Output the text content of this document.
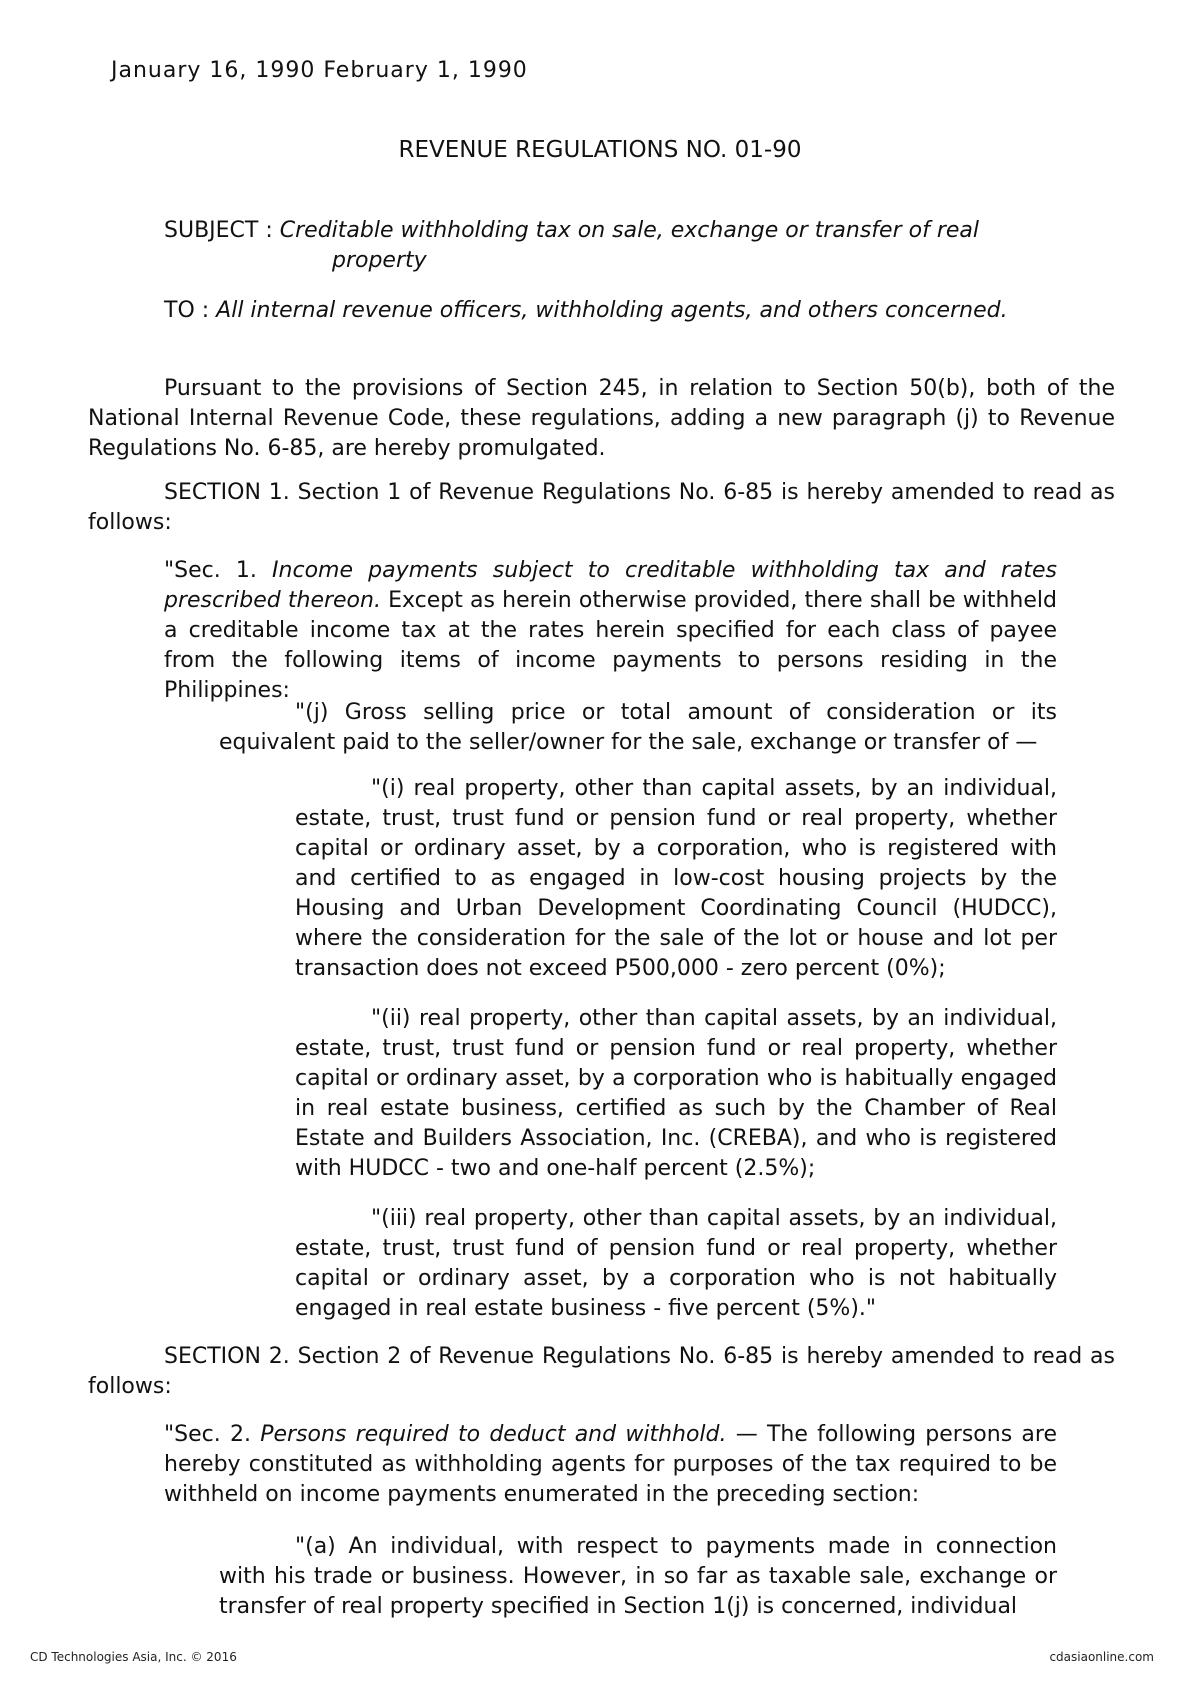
January 16, 1990 February 1, 1990
REVENUE REGULATIONS NO. 01-90
SUBJECT : Creditable withholding tax on sale, exchange or transfer of real
property
TO : All internal revenue officers, withholding agents, and others concerned.
Pursuant to the provisions of Section 245, in relation to Section 50(b), both of the National Internal Revenue Code, these regulations, adding a new paragraph (j) to Revenue Regulations No. 6-85, are hereby promulgated.
SECTION 1. Section 1 of Revenue Regulations No. 6-85 is hereby amended to read as follows:
"Sec. 1. Income payments subject to creditable withholding tax and rates prescribed thereon. Except as herein otherwise provided, there shall be withheld a creditable income tax at the rates herein specified for each class of payee from the following items of income payments to persons residing in the Philippines:
"(j) Gross selling price or total amount of consideration or its equivalent paid to the seller/owner for the sale, exchange or transfer of —
"(i) real property, other than capital assets, by an individual, estate, trust, trust fund or pension fund or real property, whether capital or ordinary asset, by a corporation, who is registered with and certified to as engaged in low-cost housing projects by the Housing and Urban Development Coordinating Council (HUDCC), where the consideration for the sale of the lot or house and lot per transaction does not exceed P500,000 - zero percent (0%);
"(ii) real property, other than capital assets, by an individual, estate, trust, trust fund or pension fund or real property, whether capital or ordinary asset, by a corporation who is habitually engaged in real estate business, certified as such by the Chamber of Real Estate and Builders Association, Inc. (CREBA), and who is registered with HUDCC - two and one-half percent (2.5%);
"(iii) real property, other than capital assets, by an individual, estate, trust, trust fund of pension fund or real property, whether capital or ordinary asset, by a corporation who is not habitually engaged in real estate business - five percent (5%)."
SECTION 2. Section 2 of Revenue Regulations No. 6-85 is hereby amended to read as follows:
"Sec. 2. Persons required to deduct and withhold. — The following persons are hereby constituted as withholding agents for purposes of the tax required to be withheld on income payments enumerated in the preceding section:
"(a) An individual, with respect to payments made in connection with his trade or business. However, in so far as taxable sale, exchange or transfer of real property specified in Section 1(j) is concerned, individual
CD Technologies Asia, Inc. © 2016	cdasiaonline.com
